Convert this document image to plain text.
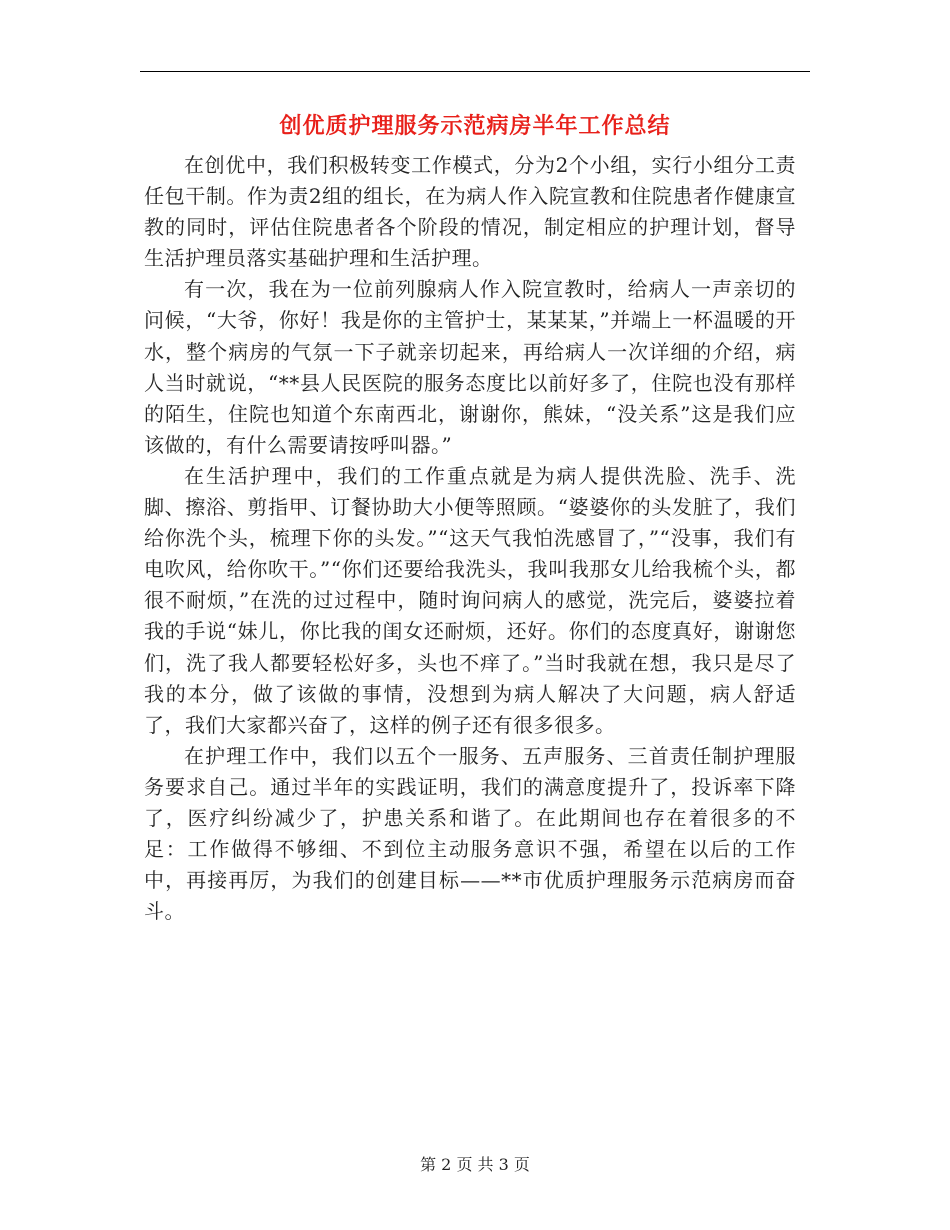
创优质护理服务示范病房半年工作总结

在创优中，我们积极转变工作模式，分为2个小组，实行小组分工责任包干制。作为责2组的组长，在为病人作入院宣教和住院患者作健康宣教的同时，评估住院患者各个阶段的情况，制定相应的护理计划，督导生活护理员落实基础护理和生活护理。

有一次，我在为一位前列腺病人作入院宣教时，给病人一声亲切的问候，“大爷，你好！我是你的主管护士，某某某，”并端上一杯温暖的开水，整个病房的气氛一下子就亲切起来，再给病人一次详细的介绍，病人当时就说，“**县人民医院的服务态度比以前好多了，住院也没有那样的陌生，住院也知道个东南西北，谢谢你，熊妹，“没关系”这是我们应该做的，有什么需要请按呼叫器。”

在生活护理中，我们的工作重点就是为病人提供洗脸、洗手、洗脚、擦浴、剪指甲、订餐协助大小便等照顾。“婆婆你的头发脏了，我们给你洗个头，梳理下你的头发。”“这天气我怕洗感冒了，”“没事，我们有电吹风，给你吹干。”“你们还要给我洗头，我叫我那女儿给我梳个头，都很不耐烦，”在洗的过过程中，随时询问病人的感觉，洗完后，婆婆拉着我的手说“妹儿，你比我的闺女还耐烦，还好。你们的态度真好，谢谢您们，洗了我人都要轻松好多，头也不痒了。”当时我就在想，我只是尽了我的本分，做了该做的事情，没想到为病人解决了大问题，病人舒适了，我们大家都兴奋了，这样的例子还有很多很多。

在护理工作中，我们以五个一服务、五声服务、三首责任制护理服务要求自己。通过半年的实践证明，我们的满意度提升了，投诉率下降了，医疗纠纷减少了，护患关系和谐了。在此期间也存在着很多的不足：工作做得不够细、不到位主动服务意识不强，希望在以后的工作中，再接再厉，为我们的创建目标——**市优质护理服务示范病房而奋斗。

第 2 页 共 3 页
